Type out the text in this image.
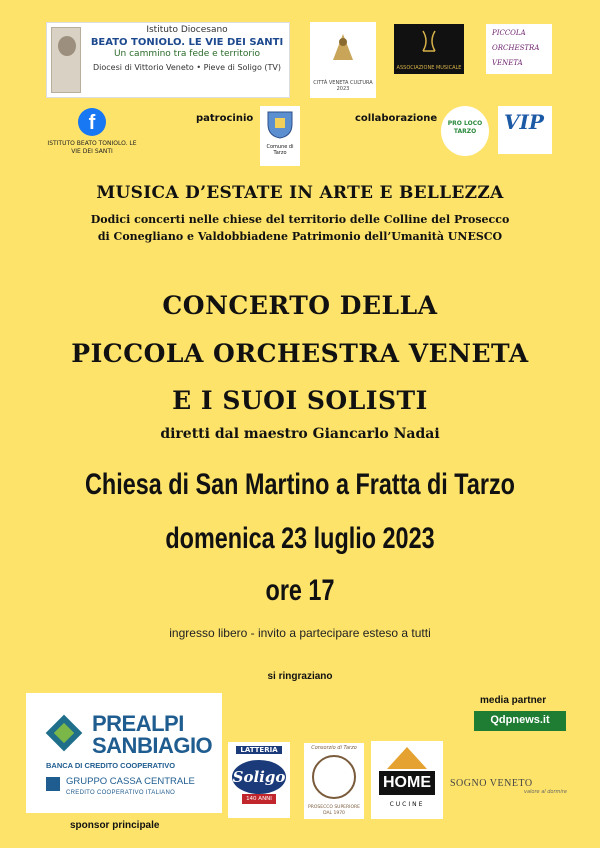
Istituto Diocesano
BEATO TONIOLO. LE VIE DEI SANTI
Un cammino tra fede e territorio
Diocesi di Vittorio Veneto • Pieve di Soligo (TV)
CITTÀ VENETA CULTURA 2023
ASSOCIAZIONE MUSICALE
PICCOLA
ORCHESTRA
VENETA
f
ISTITUTO BEATO TONIOLO. LE VIE DEI SANTI
patrocinio
Comune di Tarzo
collaborazione	PRO LOCO TARZO	VIP
MUSICA D’ESTATE IN ARTE E BELLEZZA
Dodici concerti nelle chiese del territorio delle Colline del Prosecco
di Conegliano e Valdobbiadene Patrimonio dell’Umanità UNESCO
CONCERTO DELLA
PICCOLA ORCHESTRA VENETA
E I SUOI SOLISTI
diretti dal maestro Giancarlo Nadai
Chiesa di San Martino a Fratta di Tarzo
domenica 23 luglio 2023
ore 17
ingresso libero - invito a partecipare esteso a tutti
si ringraziano
PREALPI
SANBIAGIO
BANCA DI CREDITO COOPERATIVO
GRUPPO CASSA CENTRALE
CREDITO COOPERATIVO ITALIANO
sponsor principale
LATTERIA
Soligo
140 ANNI
Consorzio di Tarzo
PROSECCO SUPERIORE DAL 1970
HOME
CUCINE
SOGNO VENETO
valore al dormire
media partner
Qdpnews.it
